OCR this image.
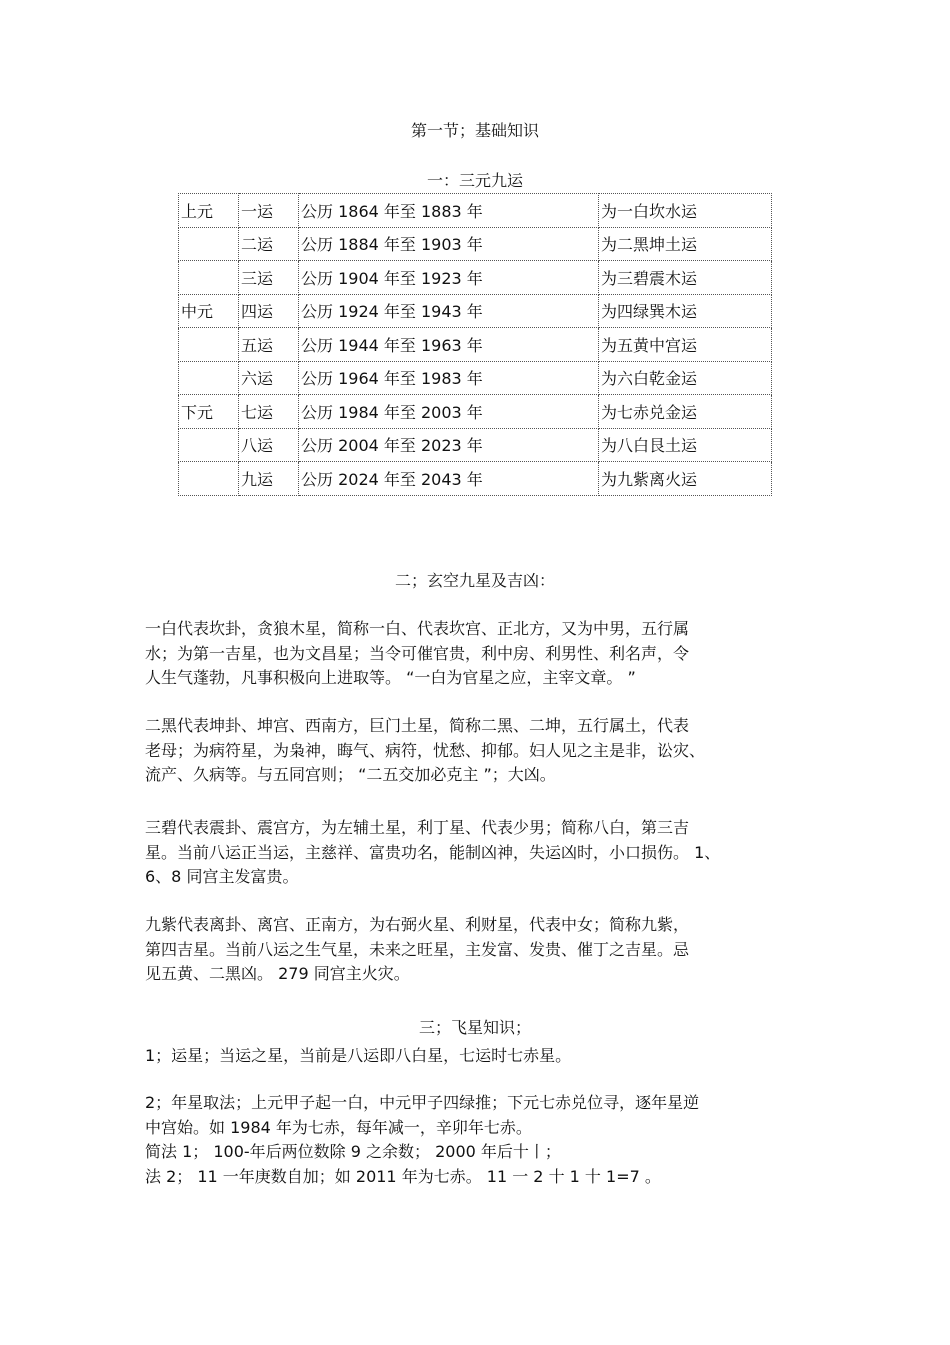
第一节；基础知识
一：三元九运
上元	一运	公历 1864 年至 1883 年	为一白坎水运
	二运	公历 1884 年至 1903 年	为二黑坤土运
	三运	公历 1904 年至 1923 年	为三碧震木运
中元	四运	公历 1924 年至 1943 年	为四绿巽木运
	五运	公历 1944 年至 1963 年	为五黄中宫运
	六运	公历 1964 年至 1983 年	为六白乾金运
下元	七运	公历 1984 年至 2003 年	为七赤兑金运
	八运	公历 2004 年至 2023 年	为八白艮土运
	九运	公历 2024 年至 2043 年	为九紫离火运
二；玄空九星及吉凶：

一白代表坎卦，贪狼木星，简称一白、代表坎宫、正北方，又为中男，五行属

水；为第一吉星，也为文昌星；当令可催官贵，利中房、利男性、利名声，令

人生气蓬勃，凡事积极向上进取等。 “一白为官星之应，主宰文章。 ”

二黑代表坤卦、坤宫、西南方，巨门土星，简称二黑、二坤，五行属土，代表

老母；为病符星，为枭神，晦气、病符，忧愁、抑郁。妇人见之主是非，讼灾、

流产、久病等。与五同宫则； “二五交加必克主 ”；大凶。

三碧代表震卦、震宫方，为左辅土星，利丁星、代表少男；简称八白，第三吉

星。当前八运正当运，主慈祥、富贵功名，能制凶神，失运凶时，小口损伤。 1、

6、8 同宫主发富贵。

九紫代表离卦、离宫、正南方，为右弼火星、利财星，代表中女；简称九紫，

第四吉星。当前八运之生气星，未来之旺星，主发富、发贵、催丁之吉星。忌

见五黄、二黑凶。 279 同宫主火灾。

三；飞星知识；
1；运星；当运之星，当前是八运即八白星，七运时七赤星。

2；年星取法；上元甲子起一白，中元甲子四绿推；下元七赤兑位寻，逐年星逆

中宫始。如 1984 年为七赤，每年减一，辛卯年七赤。

简法 1； 100-年后两位数除 9 之余数； 2000 年后十丨；

法 2； 11 一年庚数自加；如 2011 年为七赤。 11 一 2 十 1 十 1=7 。
